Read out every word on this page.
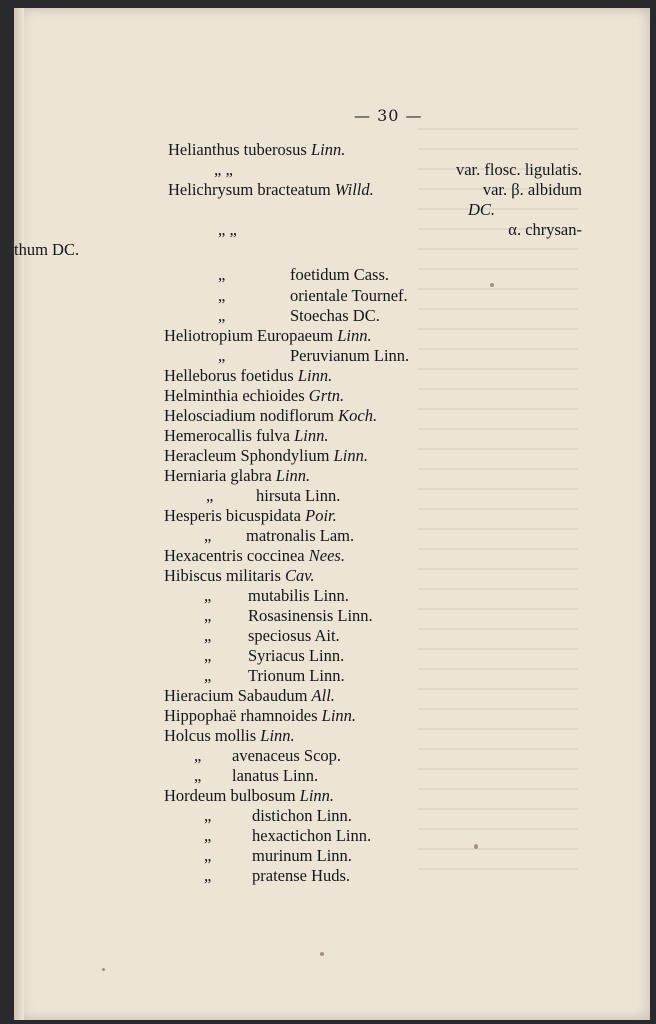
— 30 —
Helianthus tuberosus Linn.
„ „	var. flosc. ligulatis.
Helichrysum bracteatum Willd.	var. β. albidum
DC.
„ „	α. chrysan-
thum DC.
„	foetidum Cass.
„	orientale Tournef.
„	Stoechas DC.
Heliotropium Europaeum Linn.
„	Peruvianum Linn.
Helleborus foetidus Linn.
Helminthia echioides Grtn.
Helosciadium nodiflorum Koch.
Hemerocallis fulva Linn.
Heracleum Sphondylium Linn.
Herniaria glabra Linn.
„	hirsuta Linn.
Hesperis bicuspidata Poir.
„ matronalis Lam.
Hexacentris coccinea Nees.
Hibiscus militaris Cav.
„ mutabilis Linn.
„ Rosasinensis Linn.
„ speciosus Ait.
„ Syriacus Linn.
„ Trionum Linn.
Hieracium Sabaudum All.
Hippophaë rhamnoides Linn.
Holcus mollis Linn.
„ avenaceus Scop.
„ lanatus Linn.
Hordeum bulbosum Linn.
„ distichon Linn.
„ hexactichon Linn.
„ murinum Linn.
„ pratense Huds.
